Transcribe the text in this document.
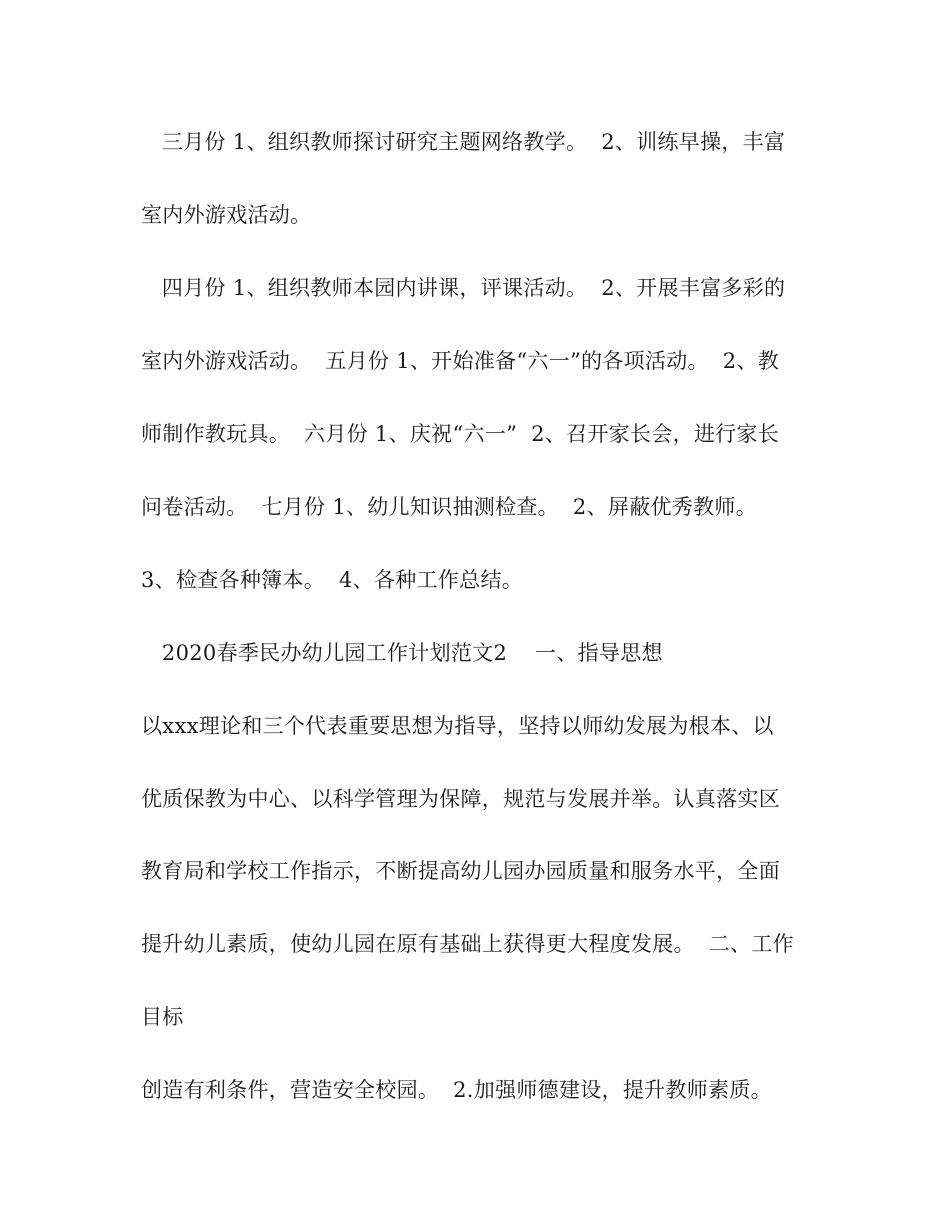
三月份 1、组织教师探讨研究主题网络教学。  2、训练早操，丰富
室内外游戏活动。
四月份 1、组织教师本园内讲课，评课活动。  2、开展丰富多彩的
室内外游戏活动。  五月份 1、开始准备“六一”的各项活动。  2、教
师制作教玩具。  六月份 1、庆祝“六一”  2、召开家长会，进行家长
问卷活动。  七月份 1、幼儿知识抽测检查。  2、屏蔽优秀教师。
3、检查各种簿本。  4、各种工作总结。
2020春季民办幼儿园工作计划范文2    一、指导思想
以xxx理论和三个代表重要思想为指导，坚持以师幼发展为根本、以
优质保教为中心、以科学管理为保障，规范与发展并举。认真落实区
教育局和学校工作指示，不断提高幼儿园办园质量和服务水平，全面
提升幼儿素质，使幼儿园在原有基础上获得更大程度发展。  二、工作
目标
创造有利条件，营造安全校园。  2.加强师德建设，提升教师素质。
